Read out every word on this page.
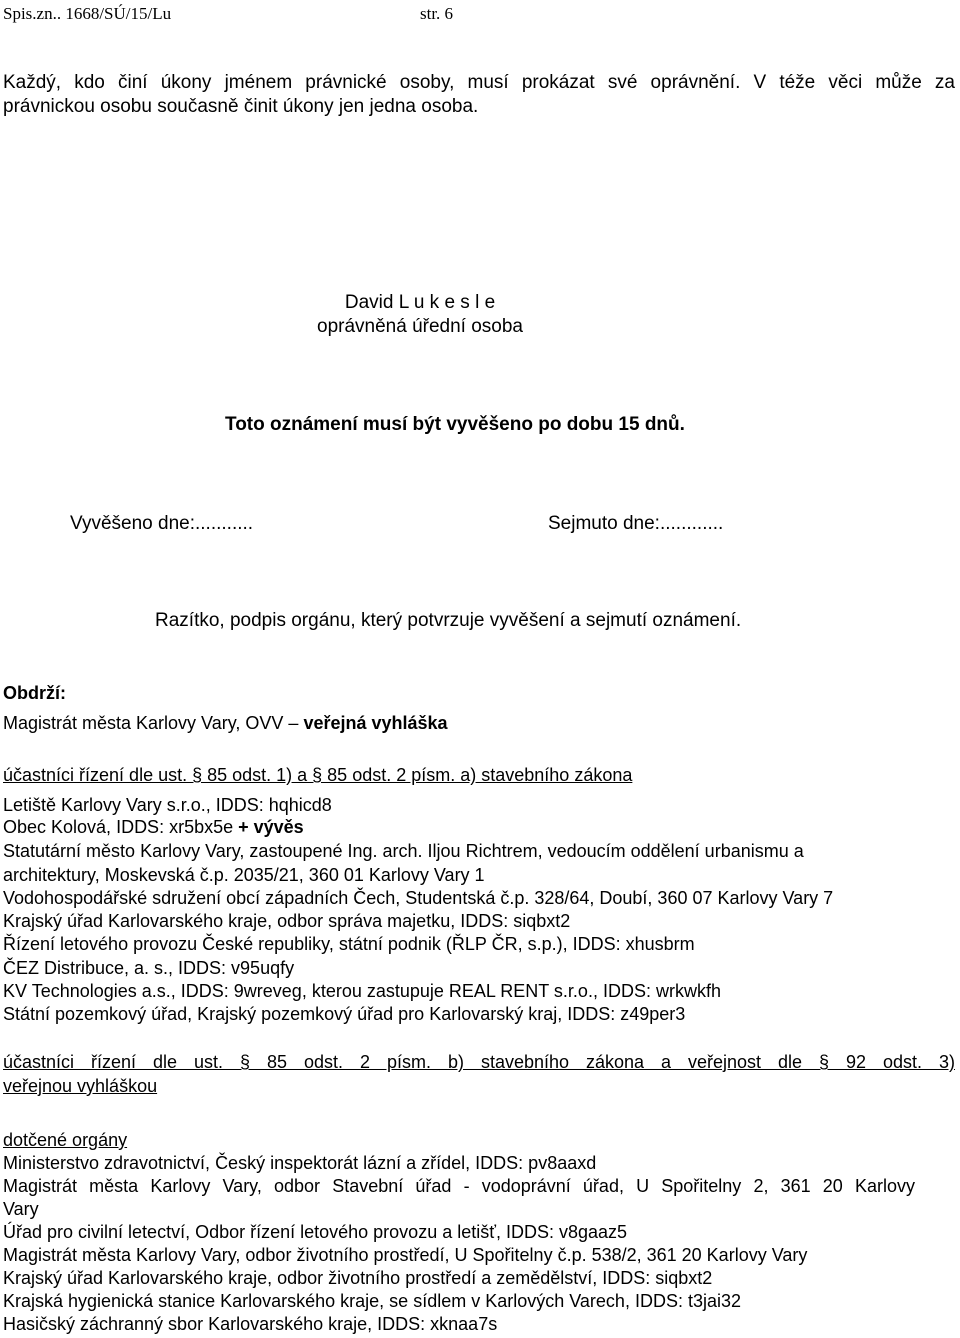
Spis.zn.. 1668/SÚ/15/Lu	str. 6
Každý, kdo činí úkony jménem právnické osoby, musí prokázat své oprávnění. V téže věci může za
právnickou osobu současně činit úkony jen jedna osoba.
David L u k e s l e
oprávněná úřední osoba
Toto oznámení musí být vyvěšeno po dobu 15 dnů.
Vyvěšeno dne:...........	Sejmuto dne:............
Razítko, podpis orgánu, který potvrzuje vyvěšení a sejmutí oznámení.
Obdrží:
Magistrát města Karlovy Vary, OVV – veřejná vyhláška
účastníci řízení dle ust. § 85 odst. 1) a § 85 odst. 2 písm. a) stavebního zákona
Letiště Karlovy Vary s.r.o., IDDS: hqhicd8
Obec Kolová, IDDS: xr5bx5e + vývěs
Statutární město Karlovy Vary, zastoupené Ing. arch. Iljou Richtrem, vedoucím oddělení urbanismu a
architektury, Moskevská č.p. 2035/21, 360 01 Karlovy Vary 1
Vodohospodářské sdružení obcí západních Čech, Studentská č.p. 328/64, Doubí, 360 07 Karlovy Vary 7
Krajský úřad Karlovarského kraje, odbor správa majetku, IDDS: siqbxt2
Řízení letového provozu České republiky, státní podnik (ŘLP ČR, s.p.), IDDS: xhusbrm
ČEZ Distribuce, a. s., IDDS: v95uqfy
KV Technologies a.s., IDDS: 9wreveg, kterou zastupuje REAL RENT s.r.o., IDDS: wrkwkfh
Státní pozemkový úřad, Krajský pozemkový úřad pro Karlovarský kraj, IDDS: z49per3
účastníci řízení dle ust. § 85 odst. 2 písm. b) stavebního zákona a veřejnost dle § 92 odst. 3)
veřejnou vyhláškou
dotčené orgány
Ministerstvo zdravotnictví, Český inspektorát lázní a zřídel, IDDS: pv8aaxd
Magistrát města Karlovy Vary, odbor Stavební úřad - vodoprávní úřad, U Spořitelny 2, 361 20 Karlovy
Vary
Úřad pro civilní letectví, Odbor řízení letového provozu a letišť, IDDS: v8gaaz5
Magistrát města Karlovy Vary, odbor životního prostředí, U Spořitelny č.p. 538/2, 361 20 Karlovy Vary
Krajský úřad Karlovarského kraje, odbor životního prostředí a zemědělství, IDDS: siqbxt2
Krajská hygienická stanice Karlovarského kraje, se sídlem v Karlových Varech, IDDS: t3jai32
Hasičský záchranný sbor Karlovarského kraje, IDDS: xknaa7s
